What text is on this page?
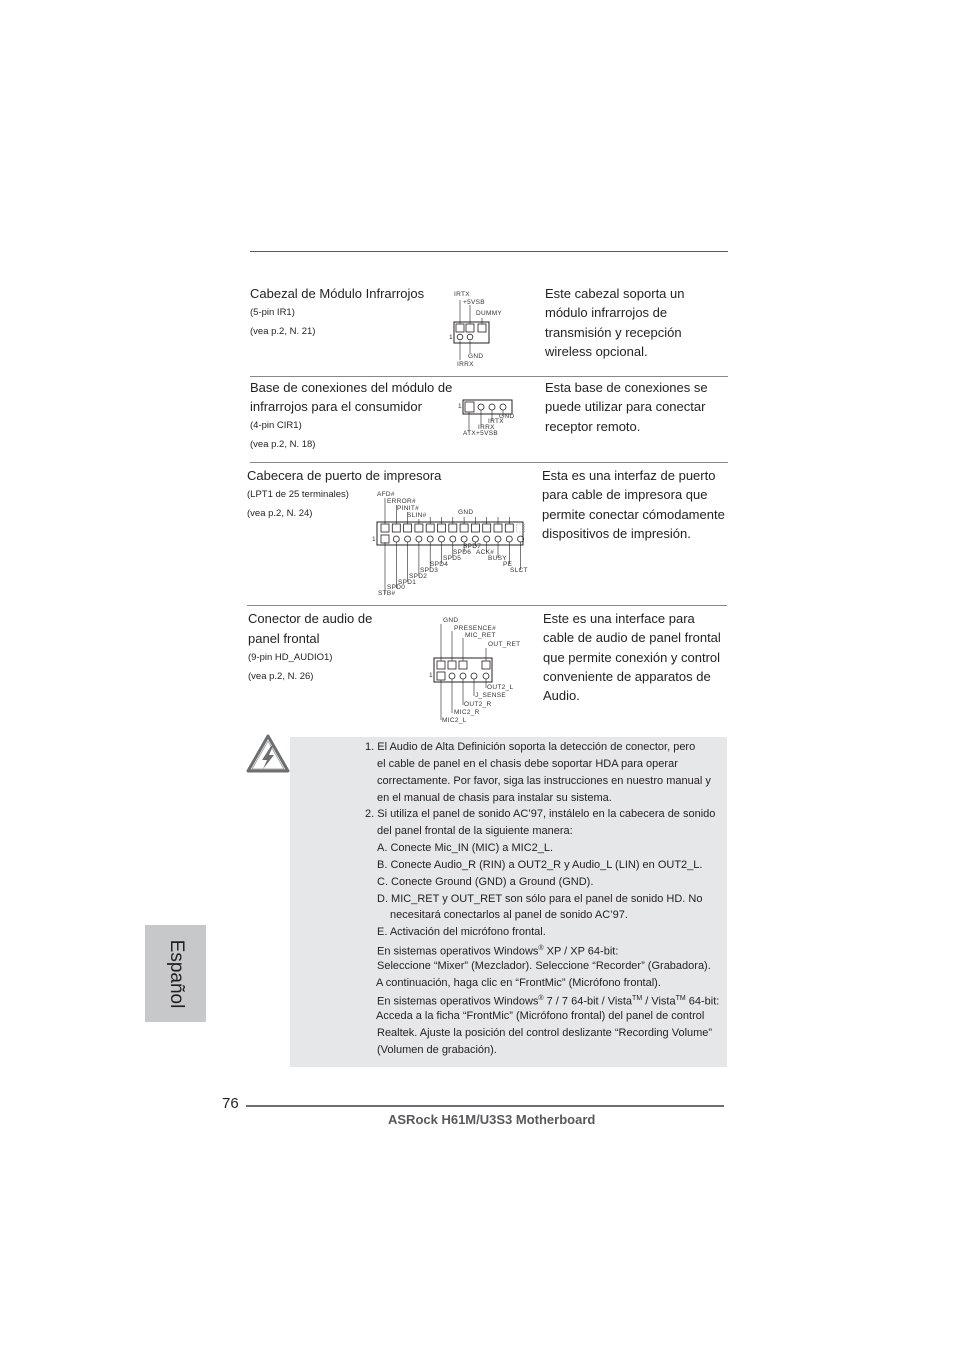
Cabezal de Módulo Infrarrojos
(5-pin IR1)
(vea p.2, N. 21)
Este cabezal soporta un
módulo infrarrojos de
transmisión y recepción
wireless opcional.
IRTX
+5VSB
DUMMY
1
GND
IRRX
Base de conexiones del módulo de
infrarrojos para el consumidor
(4-pin CIR1)
(vea p.2, N. 18)
Esta base de conexiones se
puede utilizar para conectar
receptor remoto.
1
GND
IRTX
IRRX
ATX+5VSB
Cabecera de puerto de impresora
(LPT1 de 25 terminales)
(vea p.2, N. 24)
Esta es una interfaz de puerto
para cable de impresora que
permite conectar cómodamente
dispositivos de impresión.
AFD#
ERROR#
PINIT#
SLIN#	GND
1
SPD7
SPD6 ACK#
SPD5	BUSY
SPD4	PE
SPD3	SLCT
SPD2
SPD1
SPD0
STB#
Conector de audio de
panel frontal
(9-pin HD_AUDIO1)
(vea p.2, N. 26)
Este es una interface para
cable de audio de panel frontal
que permite conexión y control
conveniente de apparatos de
Audio.
GND
PRESENCE#
MIC_RET
OUT_RET
1
OUT2_L
J_SENSE
OUT2_R
MIC2_R
MIC2_L

1. El Audio de Alta Definición soporta la detección de conector, pero

el cable de panel en el chasis debe soportar HDA para operar

correctamente. Por favor, siga las instrucciones en nuestro manual y

en el manual de chasis para instalar su sistema.

2. Si utiliza el panel de sonido AC’97, instálelo en la cabecera de sonido

del panel frontal de la siguiente manera:

A. Conecte Mic_IN (MIC) a MIC2_L.

B. Conecte Audio_R (RIN) a OUT2_R y Audio_L (LIN) en OUT2_L.

C. Conecte Ground (GND) a Ground (GND).

D. MIC_RET y OUT_RET son sólo para el panel de sonido HD. No

necesitará conectarlos al panel de sonido AC’97.

E. Activación del micrófono frontal.

En sistemas operativos Windows® XP / XP 64-bit:

Seleccione “Mixer” (Mezclador). Seleccione “Recorder” (Grabadora).

A continuación, haga clic en “FrontMic” (Micrófono frontal).

En sistemas operativos Windows® 7 / 7 64-bit / Vista™ / Vista™ 64-bit:

Acceda a la ficha “FrontMic” (Micrófono frontal) del panel de control

Realtek. Ajuste la posición del control deslizante “Recording Volume”

(Volumen de grabación).

Español
76
ASRock H61M/U3S3 Motherboard
